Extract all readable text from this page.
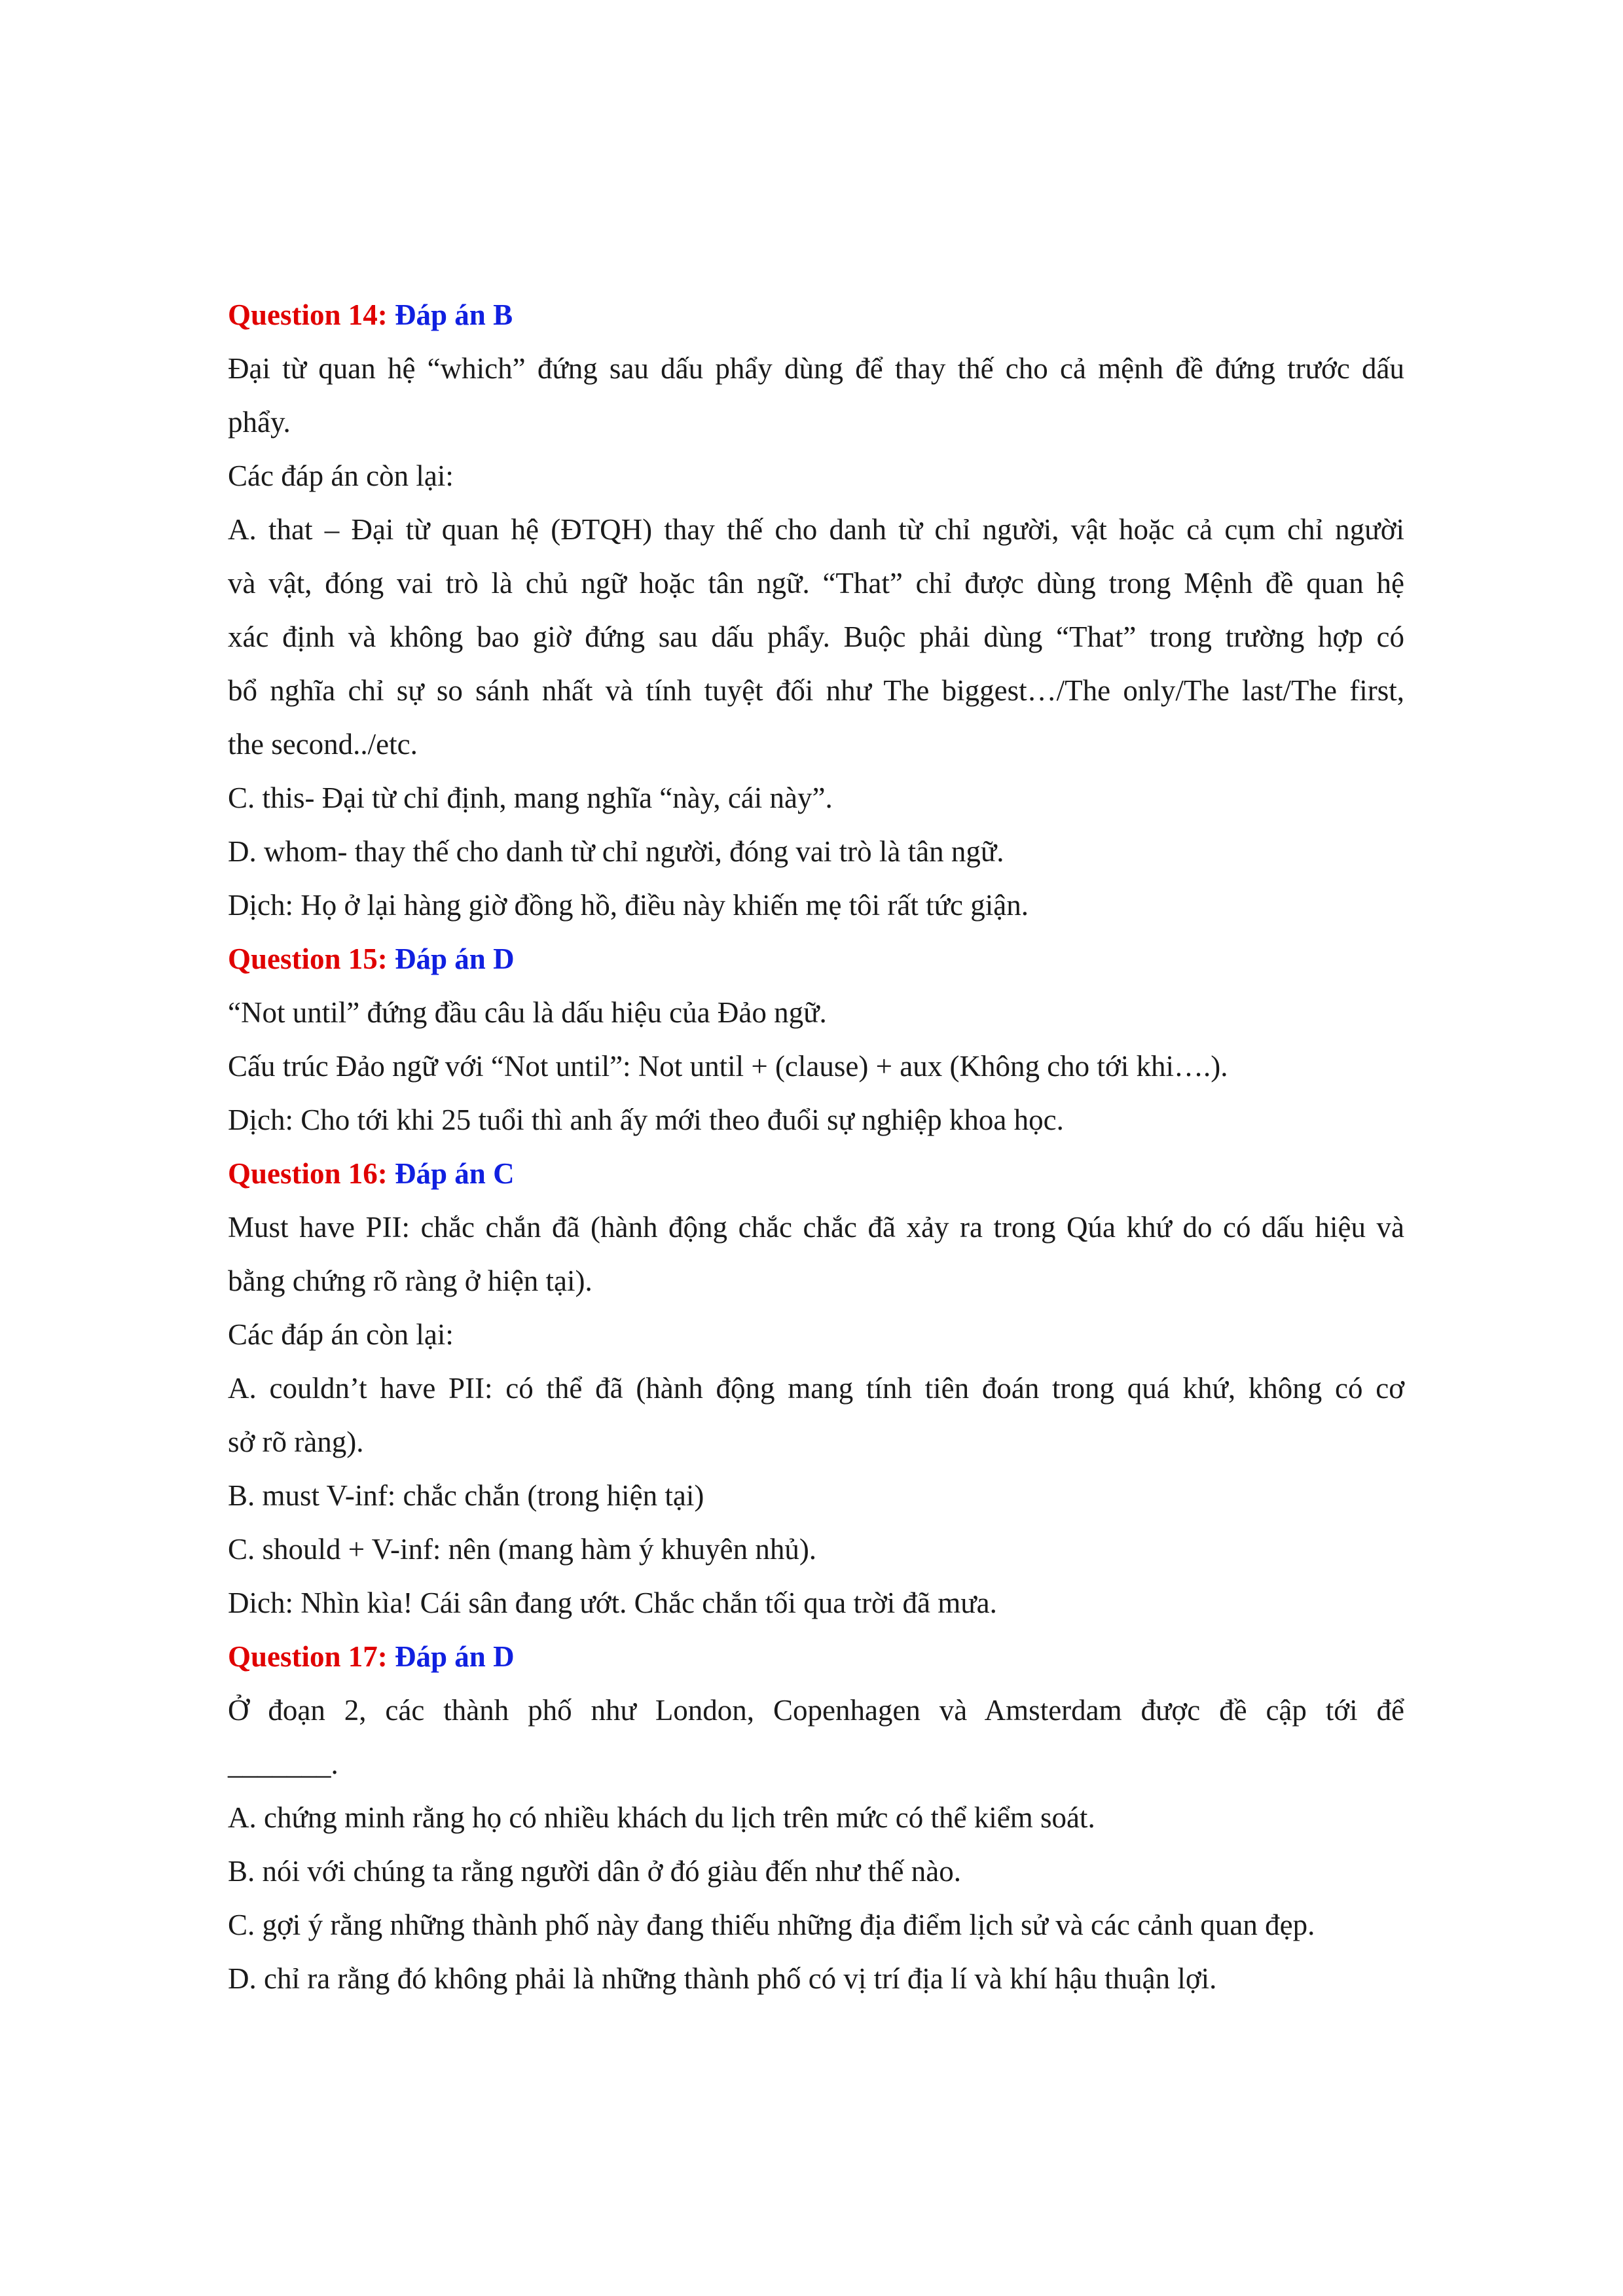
Question 14: Đáp án B

Đại từ quan hệ “which” đứng sau dấu phẩy dùng để thay thế cho cả mệnh đề đứng trước dấu

phẩy.

Các đáp án còn lại:

A. that – Đại từ quan hệ (ĐTQH) thay thế cho danh từ chỉ người, vật hoặc cả cụm chỉ người

và vật, đóng vai trò là chủ ngữ hoặc tân ngữ. “That” chỉ được dùng trong Mệnh đề quan hệ

xác định và không bao giờ đứng sau dấu phẩy. Buộc phải dùng “That” trong trường hợp có

bổ nghĩa chỉ sự so sánh nhất và tính tuyệt đối như The biggest…/The only/The last/The first,

the second../etc.

C. this- Đại từ chỉ định, mang nghĩa “này, cái này”.

D. whom- thay thế cho danh từ chỉ người, đóng vai trò là tân ngữ.

Dịch: Họ ở lại hàng giờ đồng hồ, điều này khiến mẹ tôi rất tức giận.

Question 15: Đáp án D

“Not until” đứng đầu câu là dấu hiệu của Đảo ngữ.

Cấu trúc Đảo ngữ với “Not until”: Not until + (clause) + aux (Không cho tới khi….).

Dịch: Cho tới khi 25 tuổi thì anh ấy mới theo đuổi sự nghiệp khoa học.

Question 16: Đáp án C

Must have PII: chắc chắn đã (hành động chắc chắc đã xảy ra trong Qúa khứ do có dấu hiệu và

bằng chứng rõ ràng ở hiện tại).

Các đáp án còn lại:

A. couldn’t have PII: có thể đã (hành động mang tính tiên đoán trong quá khứ, không có cơ

sở rõ ràng).

B. must V-inf: chắc chắn (trong hiện tại)

C. should + V-inf: nên (mang hàm ý khuyên nhủ).

Dich: Nhìn kìa! Cái sân đang ướt. Chắc chắn tối qua trời đã mưa.

Question 17: Đáp án D

Ở đoạn 2, các thành phố như London, Copenhagen và Amsterdam được đề cập tới để

_______.

A. chứng minh rằng họ có nhiều khách du lịch trên mức có thể kiểm soát.

B. nói với chúng ta rằng người dân ở đó giàu đến như thế nào.

C. gợi ý rằng những thành phố này đang thiếu những địa điểm lịch sử và các cảnh quan đẹp.

D. chỉ ra rằng đó không phải là những thành phố có vị trí địa lí và khí hậu thuận lợi.
